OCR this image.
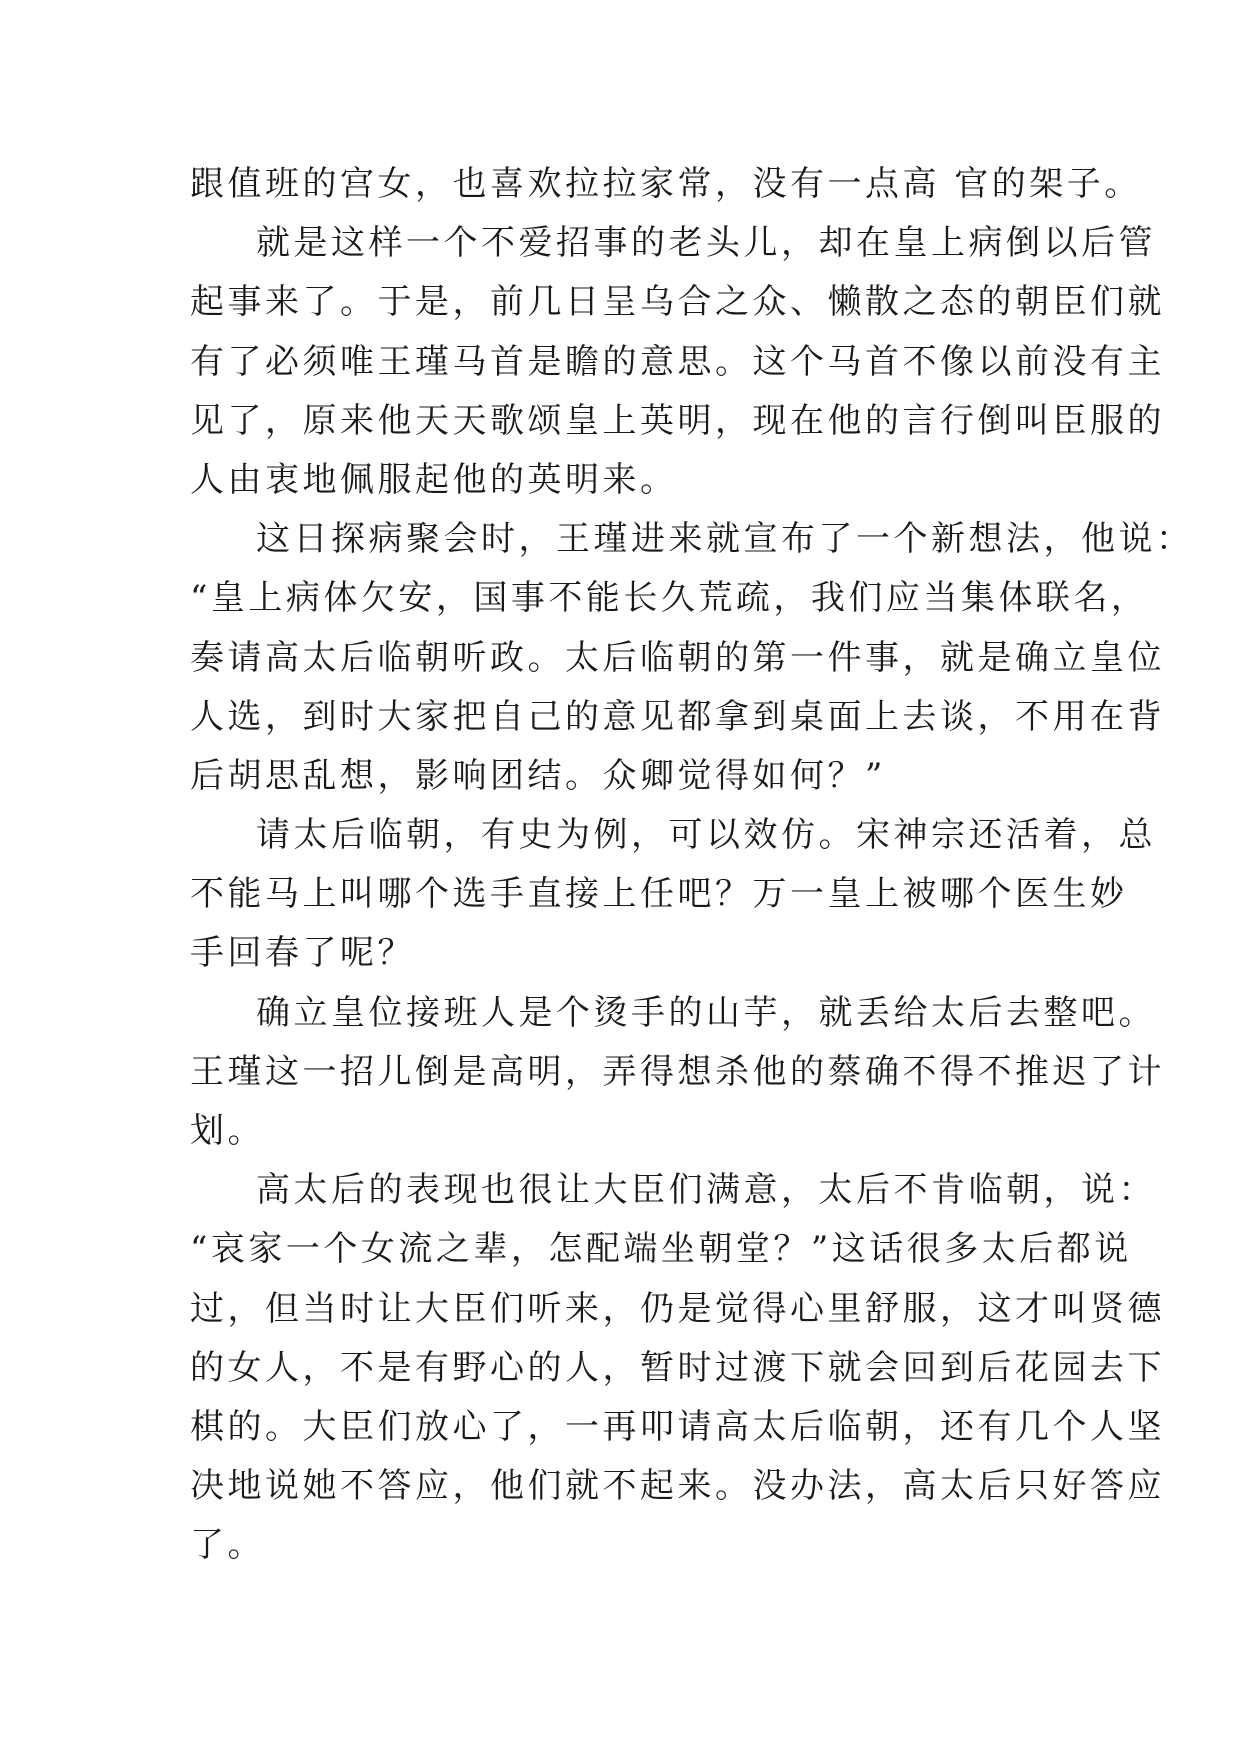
跟值班的宫女，也喜欢拉拉家常，没有一点高 官的架子。
就是这样一个不爱招事的老头儿，却在皇上病倒以后管
起事来了。于是，前几日呈乌合之众、懒散之态的朝臣们就
有了必须唯王瑾马首是瞻的意思。这个马首不像以前没有主
见了，原来他天天歌颂皇上英明，现在他的言行倒叫臣服的
人由衷地佩服起他的英明来。
这日探病聚会时，王瑾进来就宣布了一个新想法，他说：
“皇上病体欠安，国事不能长久荒疏，我们应当集体联名，
奏请高太后临朝听政。太后临朝的第一件事，就是确立皇位
人选，到时大家把自己的意见都拿到桌面上去谈，不用在背
后胡思乱想，影响团结。众卿觉得如何？”
请太后临朝，有史为例，可以效仿。宋神宗还活着，总
不能马上叫哪个选手直接上任吧？万一皇上被哪个医生妙
手回春了呢？
确立皇位接班人是个烫手的山芋，就丢给太后去整吧。
王瑾这一招儿倒是高明，弄得想杀他的蔡确不得不推迟了计
划。
高太后的表现也很让大臣们满意，太后不肯临朝，说：
“哀家一个女流之辈，怎配端坐朝堂？”这话很多太后都说
过，但当时让大臣们听来，仍是觉得心里舒服，这才叫贤德
的女人，不是有野心的人，暂时过渡下就会回到后花园去下
棋的。大臣们放心了，一再叩请高太后临朝，还有几个人坚
决地说她不答应，他们就不起来。没办法，高太后只好答应
了。
